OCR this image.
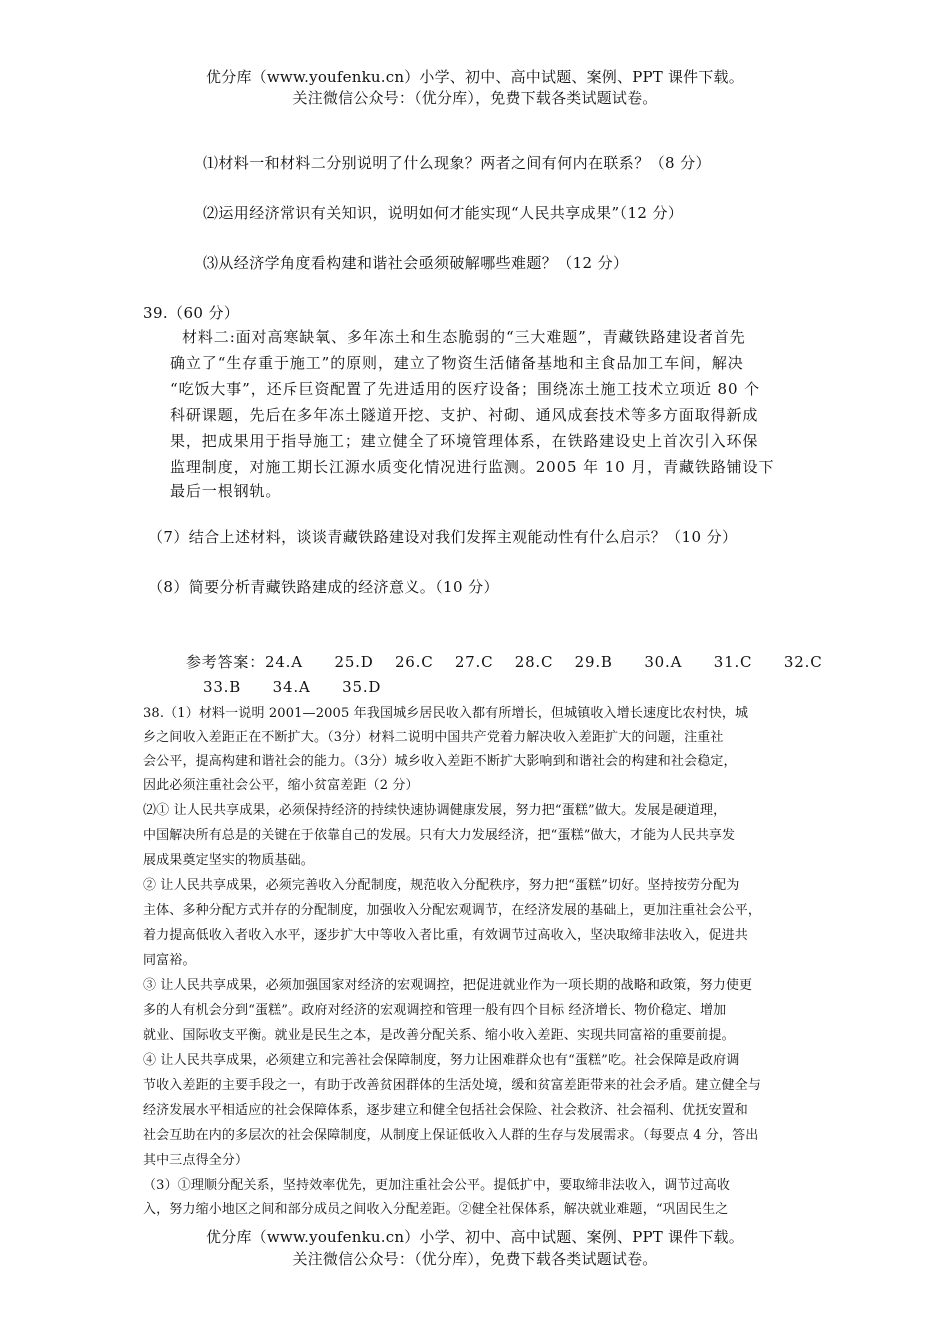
优分库（www.youfenku.cn）小学、初中、高中试题、案例、PPT 课件下载。
关注微信公众号：（优分库），免费下载各类试题试卷。
⑴材料一和材料二分别说明了什么现象？两者之间有何内在联系？（8 分）
⑵运用经济常识有关知识，说明如何才能实现“人民共享成果”（12 分）
⑶从经济学角度看构建和谐社会亟须破解哪些难题？（12 分）
39.（60 分）
材料二:面对高寒缺氧、多年冻土和生态脆弱的“三大难题”，青藏铁路建设者首先
确立了“生存重于施工”的原则，建立了物资生活储备基地和主食品加工车间，解决
“吃饭大事”，还斥巨资配置了先进适用的医疗设备；围绕冻土施工技术立项近 80 个
科研课题，先后在多年冻土隧道开挖、支护、衬砌、通风成套技术等多方面取得新成
果，把成果用于指导施工；建立健全了环境管理体系，在铁路建设史上首次引入环保
监理制度，对施工期长江源水质变化情况进行监测。2005 年 10 月，青藏铁路铺设下
最后一根钢轨。
（7）结合上述材料，谈谈青藏铁路建设对我们发挥主观能动性有什么启示？（10 分）
（8）简要分析青藏铁路建成的经济意义。（10 分）
参考答案：24.A　　25.D　 26.C　 27.C　 28.C　 29.B　　30.A　　31.C　　32.C
33.B　　34.A　　35.D
38.（1）材料一说明 2001—2005 年我国城乡居民收入都有所增长，但城镇收入增长速度比农村快，城
乡之间收入差距正在不断扩大。（3分）材料二说明中国共产党着力解决收入差距扩大的问题，注重社
会公平，提高构建和谐社会的能力。（3分）城乡收入差距不断扩大影响到和谐社会的构建和社会稳定，
因此必须注重社会公平，缩小贫富差距（2 分）
⑵① 让人民共享成果，必须保持经济的持续快速协调健康发展，努力把“蛋糕”做大。发展是硬道理，
中国解决所有总是的关键在于依靠自己的发展。只有大力发展经济，把“蛋糕”做大，才能为人民共享发
展成果奠定坚实的物质基础。
② 让人民共享成果，必须完善收入分配制度，规范收入分配秩序，努力把“蛋糕”切好。坚持按劳分配为
主体、多种分配方式并存的分配制度，加强收入分配宏观调节，在经济发展的基础上，更加注重社会公平，
着力提高低收入者收入水平，逐步扩大中等收入者比重，有效调节过高收入，坚决取缔非法收入，促进共
同富裕。
③ 让人民共享成果，必须加强国家对经济的宏观调控，把促进就业作为一项长期的战略和政策，努力使更
多的人有机会分到“蛋糕”。政府对经济的宏观调控和管理一般有四个目标 经济增长、物价稳定、增加
就业、国际收支平衡。就业是民生之本，是改善分配关系、缩小收入差距、实现共同富裕的重要前提。
④ 让人民共享成果，必须建立和完善社会保障制度，努力让困难群众也有“蛋糕”吃。社会保障是政府调
节收入差距的主要手段之一，有助于改善贫困群体的生活处境，缓和贫富差距带来的社会矛盾。建立健全与
经济发展水平相适应的社会保障体系，逐步建立和健全包括社会保险、社会救济、社会福利、优抚安置和
社会互助在内的多层次的社会保障制度，从制度上保证低收入人群的生存与发展需求。（每要点 4 分，答出
其中三点得全分）
（3）①理顺分配关系，坚持效率优先，更加注重社会公平。提低扩中，要取缔非法收入，调节过高收
入，努力缩小地区之间和部分成员之间收入分配差距。②健全社保体系，解决就业难题，“巩固民生之
优分库（www.youfenku.cn）小学、初中、高中试题、案例、PPT 课件下载。
关注微信公众号：（优分库），免费下载各类试题试卷。
